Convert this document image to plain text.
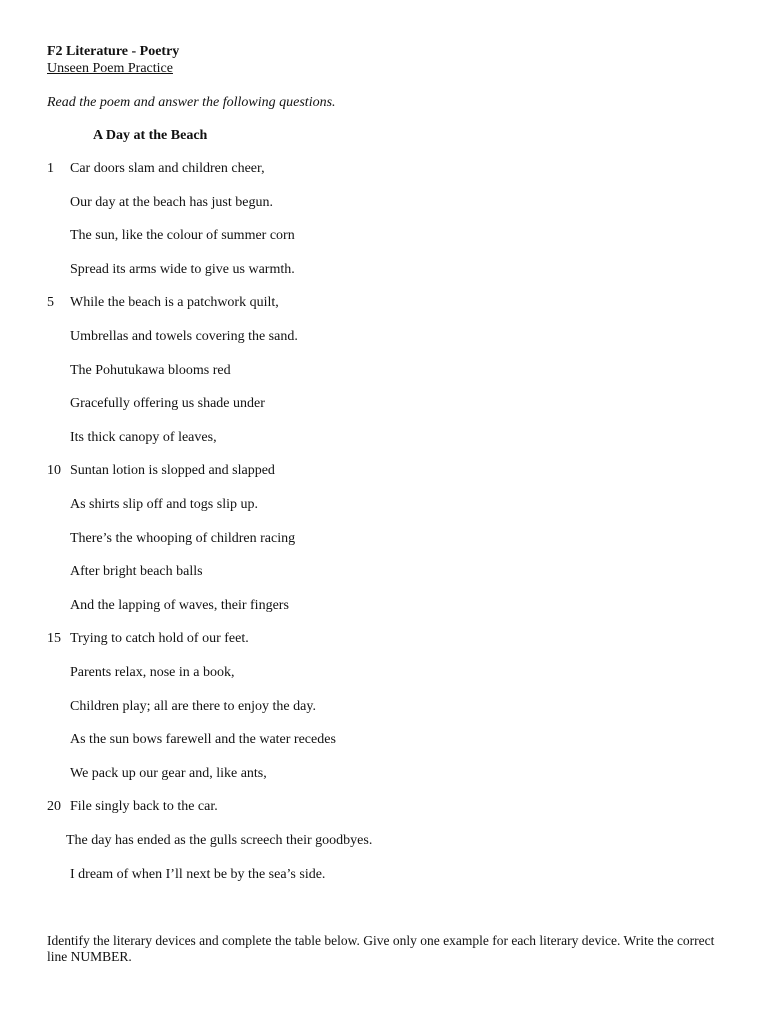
F2 Literature - Poetry
Unseen Poem Practice
Read the poem and answer the following questions.
A Day at the Beach
1 Car doors slam and children cheer,
Our day at the beach has just begun.
The sun, like the colour of summer corn
Spread its arms wide to give us warmth.
5 While the beach is a patchwork quilt,
Umbrellas and towels covering the sand.
The Pohutukawa blooms red
Gracefully offering us shade under
Its thick canopy of leaves,
10 Suntan lotion is slopped and slapped
As shirts slip off and togs slip up.
There’s the whooping of children racing
After bright beach balls
And the lapping of waves, their fingers
15 Trying to catch hold of our feet.
Parents relax, nose in a book,
Children play; all are there to enjoy the day.
As the sun bows farewell and the water recedes
We pack up our gear and, like ants,
20 File singly back to the car.
The day has ended as the gulls screech their goodbyes.
I dream of when I’ll next be by the sea’s side.
Identify the literary devices and complete the table below. Give only one example for each literary device. Write the correct line NUMBER.
